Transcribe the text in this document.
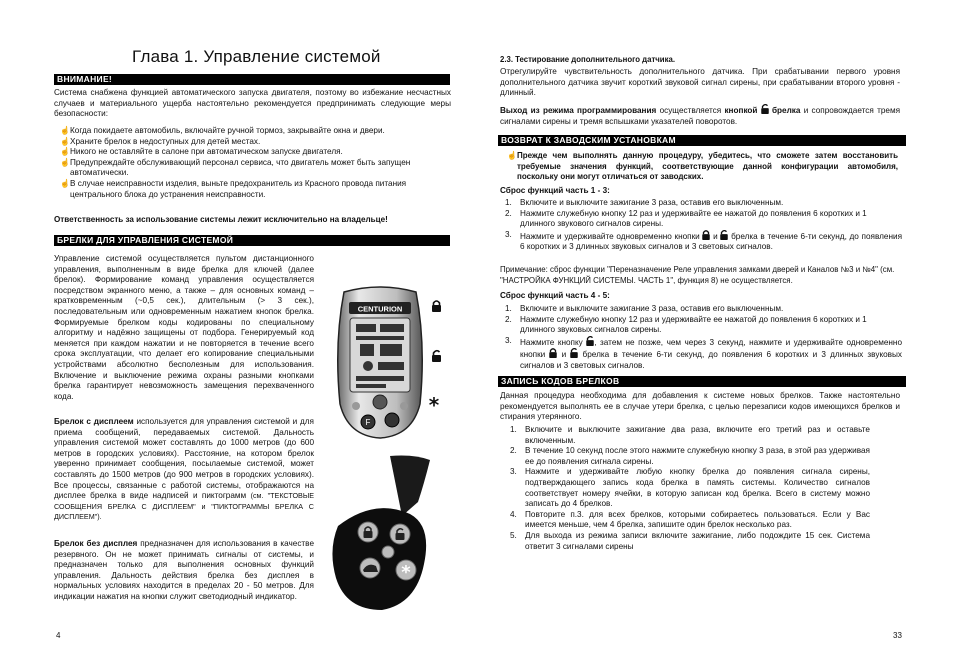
Глава 1. Управление системой
ВНИМАНИЕ!
Система снабжена функцией автоматического запуска двигателя, поэтому во избежание несчастных случаев и материального ущерба настоятельно рекомендуется предпринимать следующие меры безопасности:
☝ Когда покидаете автомобиль, включайте ручной тормоз, закрывайте окна и двери.
☝ Храните брелок в недоступных для детей местах.
☝ Никого не оставляйте в салоне при автоматическом запуске двигателя.
☝ Предупреждайте обслуживающий персонал сервиса, что двигатель может быть запущен автоматически.
☝ В случае неисправности изделия, выньте предохранитель из Красного провода питания центрального блока до устранения неисправности.
Ответственность за использование системы лежит исключительно на владельце!
БРЕЛКИ ДЛЯ УПРАВЛЕНИЯ СИСТЕМОЙ
Управление системой осуществляется пультом дистанционного управления, выполненным в виде брелка для ключей (далее брелок). Формирование команд управления осуществляется посредством экранного меню, а также – для основных команд – кратковременным (~0,5 сек.), длительным (> 3 сек.), последовательным или одновременным нажатием кнопок брелка. Формируемые брелком коды кодированы по специальному алгоритму и надёжно защищены от подбора. Генерируемый код меняется при каждом нажатии и не повторяется в течение всего срока эксплуатации, что делает его копирование специальными устройствами абсолютно бесполезным для использования. Включение и выключение режима охраны разными кнопками брелка гарантирует невозможность замещения перехваченного кода.
Брелок с дисплеем используется для управления системой и для приема сообщений, передаваемых системой. Дальность управления системой может составлять до 1000 метров (до 600 метров в городских условиях). Расстояние, на котором брелок уверенно принимает сообщения, посылаемые системой, может составлять до 1500 метров (до 900 метров в городских условиях). Все процессы, связанные с работой системы, отображаются на дисплее брелка в виде надписей и пиктограмм (см. "ТЕКСТОВЫЕ СООБЩЕНИЯ БРЕЛКА С ДИСПЛЕЕМ" и "ПИКТОГРАММЫ БРЕЛКА С ДИСПЛЕЕМ").
Брелок без дисплея предназначен для использования в качестве резервного. Он не может принимать сигналы от системы, и предназначен только для выполнения основных функций управления. Дальность действия брелка без дисплея в нормальных условиях находится в пределах 20 - 50 метров. Для индикации нажатия на кнопки служит светодиодный индикатор.
CENTURION
F
*
*
4
2.3. Тестирование дополнительного датчика.
Отрегулируйте чувствительность дополнительного датчика. При срабатывании первого уровня дополнительного датчика звучит короткий звуковой сигнал сирены, при срабатывании второго уровня - длинный.
Выход из режима программирования осуществляется кнопкой  брелка и сопровождается тремя сигналами сирены и тремя вспышками указателей поворотов.
ВОЗВРАТ К ЗАВОДСКИМ УСТАНОВКАМ
☝ Прежде чем выполнять данную процедуру, убедитесь, что сможете затем восстановить требуемые значения функций, соответствующие данной конфигурации автомобиля, поскольку они могут отличаться от заводских.
Сброс функций часть 1 - 3:
1. Включите и выключите зажигание 3 раза, оставив его выключенным.
2. Нажмите служебную кнопку 12 раз и удерживайте ее нажатой до появления 6 коротких и 1 длинного звукового сигналов сирены.
3. Нажмите и удерживайте одновременно кнопки  и  брелка в течение 6-ти секунд, до появления 6 коротких и 3 длинных звуковых сигналов и 3 световых сигналов.
Примечание: сброс функции "Переназначение Реле управления замками дверей и Каналов №3 и №4" (см. "НАСТРОЙКА ФУНКЦИЙ СИСТЕМЫ. ЧАСТЬ 1", функция 8) не осуществляется.
Сброс функций часть 4 - 5:
1. Включите и выключите зажигание 3 раза, оставив его выключенным.
2. Нажмите служебную кнопку 12 раз и удерживайте ее нажатой до появления 6 коротких и 1 длинного звуковых сигналов сирены.
3. Нажмите кнопку , затем не позже, чем через 3 секунд, нажмите и удерживайте одновременно кнопки  и  брелка в течение 6-ти секунд, до появления 6 коротких и 3 длинных звуковых сигналов и 3 световых сигналов.
ЗАПИСЬ КОДОВ БРЕЛКОВ
Данная процедура необходима для добавления к системе новых брелков. Также настоятельно рекомендуется выполнять ее в случае утери брелка, с целью перезаписи кодов имеющихся брелков и стирания утерянного.
1. Включите и выключите зажигание два раза, включите его третий раз и оставьте включенным.
2. В течение 10 секунд после этого нажмите служебную кнопку 3 раза, в этой раз удерживая ее до появления сигнала сирены.
3. Нажмите и удерживайте любую кнопку брелка до появления сигнала сирены, подтверждающего запись кода брелка в память системы. Количество сигналов соответствует номеру ячейки, в которую записан код брелка. Всего в систему можно записать до 4 брелков.
4. Повторите п.3. для всех брелков, которыми собираетесь пользоваться. Если у Вас имеется меньше, чем 4 брелка, запишите один брелок несколько раз.
5. Для выхода из режима записи включите зажигание, либо подождите 15 сек. Система ответит 3 сигналами сирены
33
